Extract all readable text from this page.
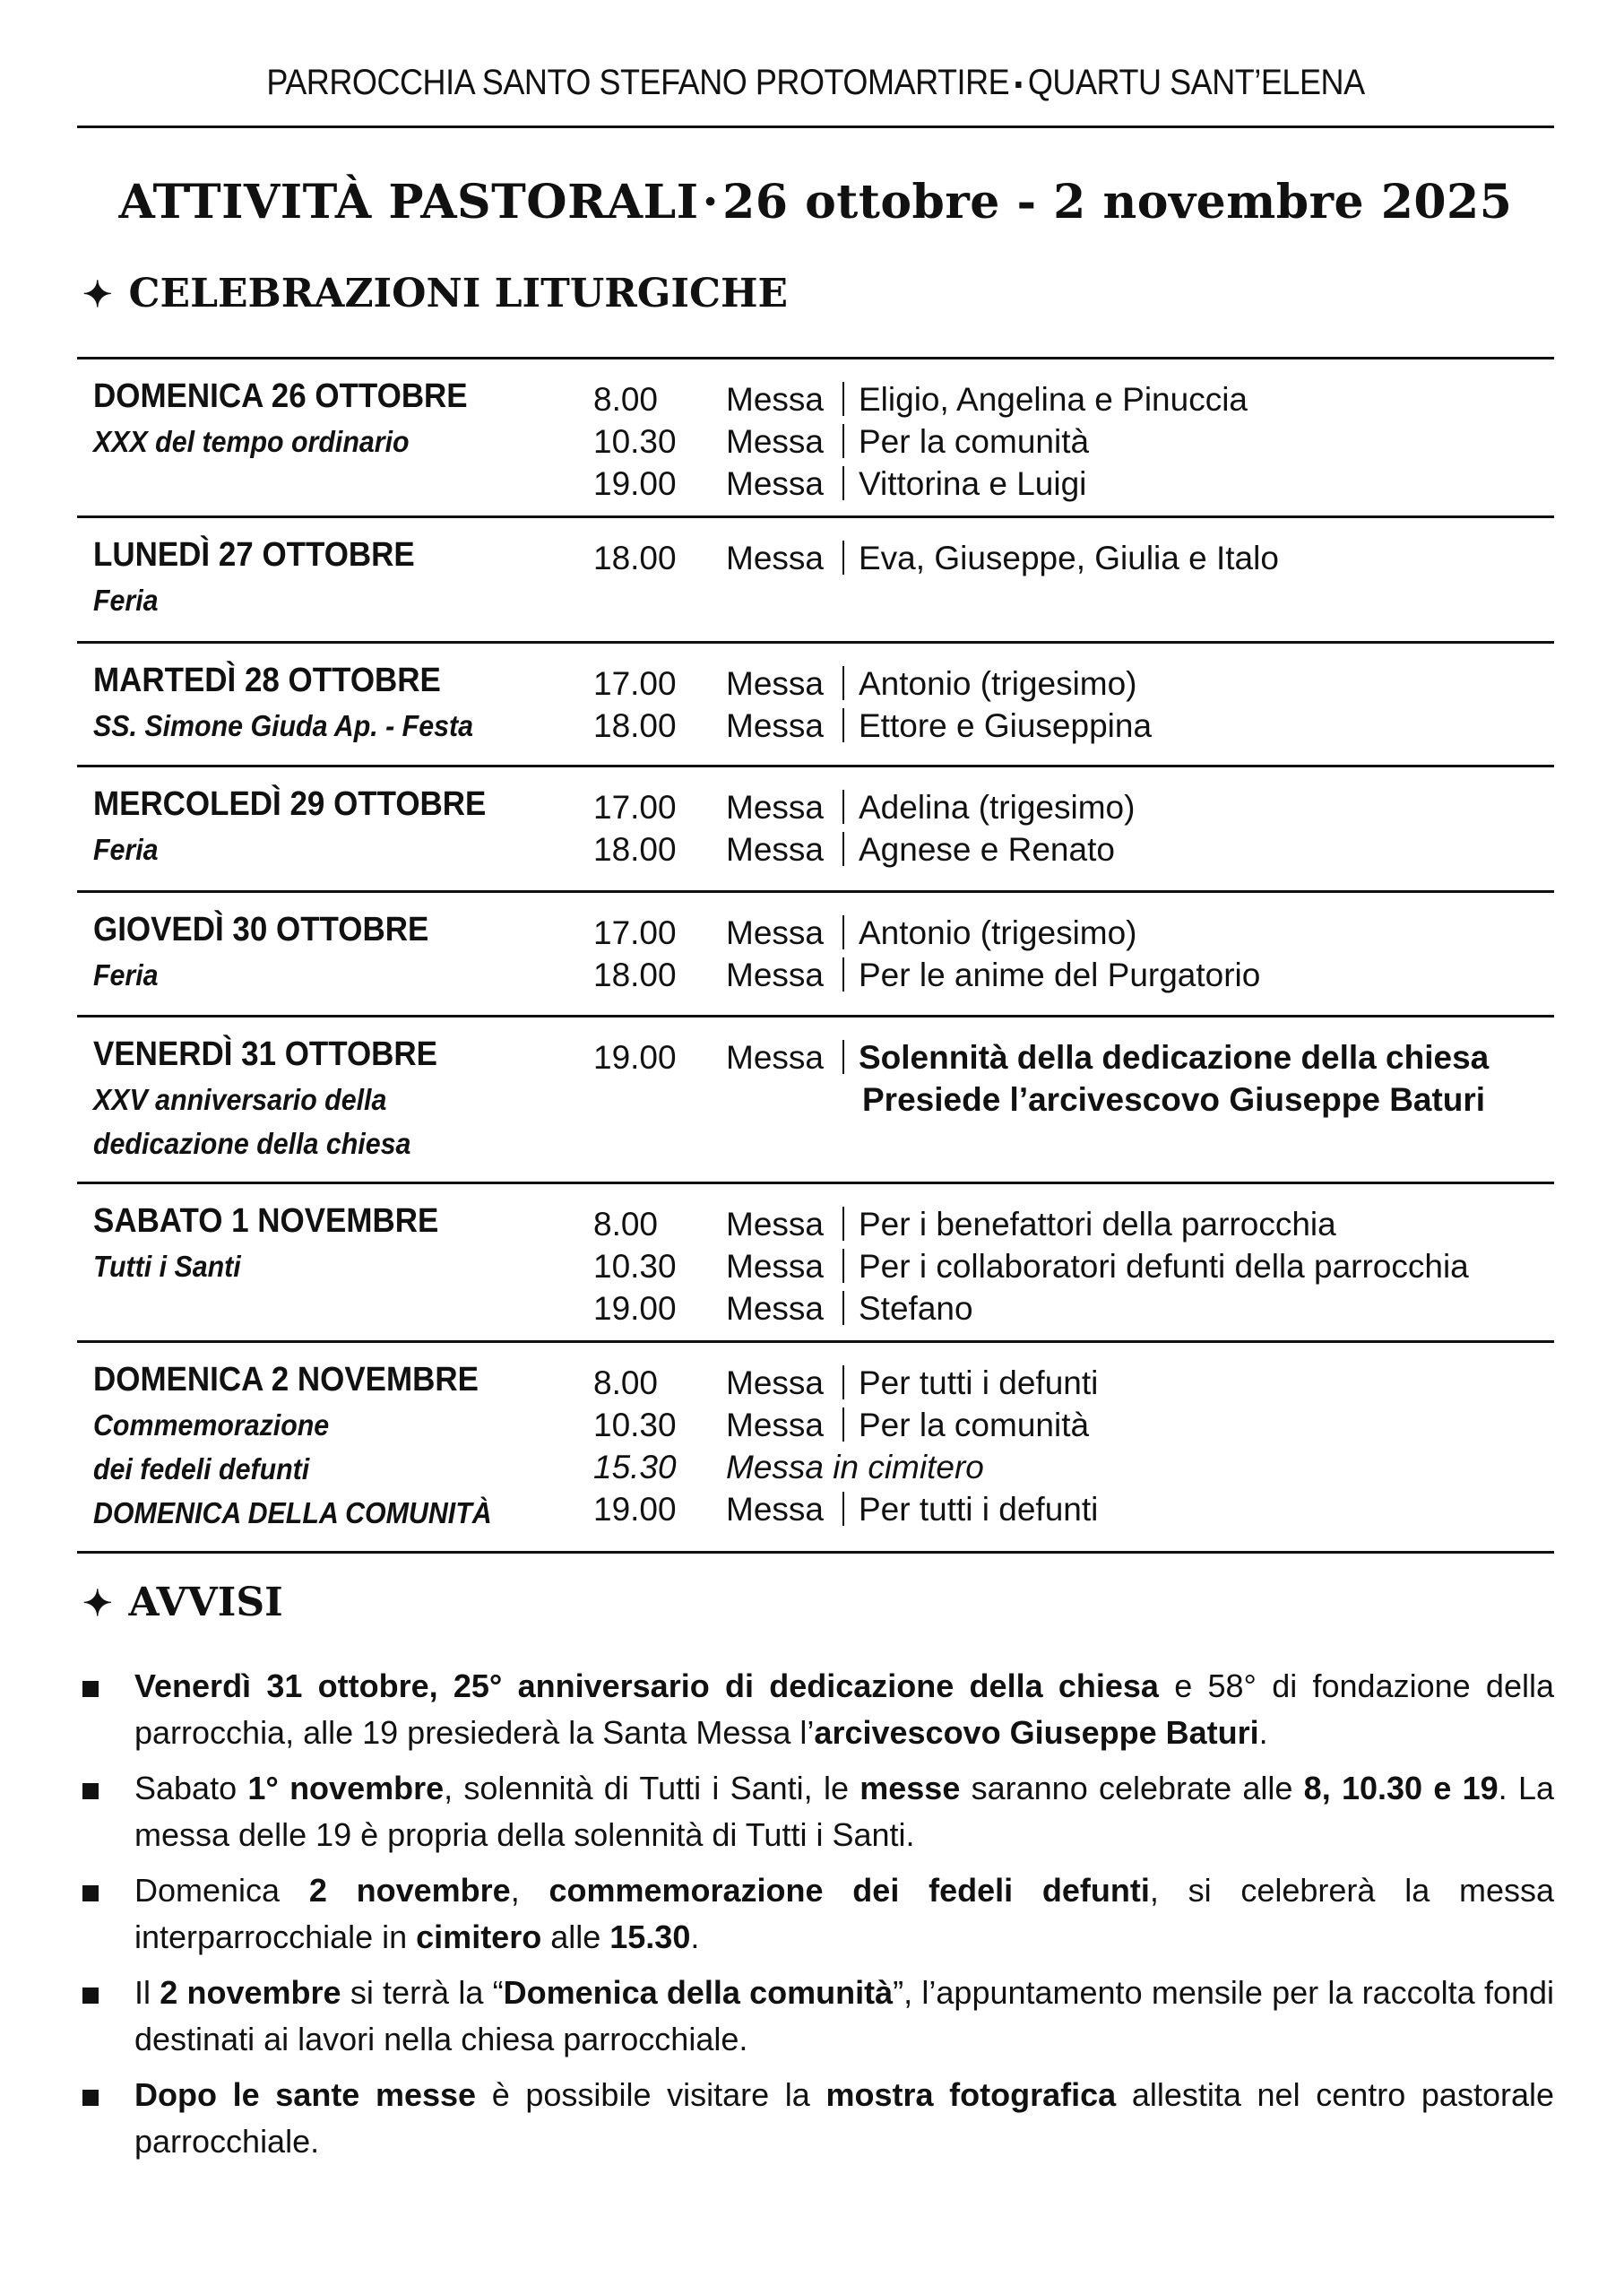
PARROCCHIA SANTO STEFANO PROTOMARTIRE QUARTU SANT’ELENA
ATTIVITÀ PASTORALI·26 ottobre - 2 novembre 2025
✦ CELEBRAZIONI LITURGICHE
DOMENICA 26 OTTOBRE
XXX del tempo ordinario
8.00 Messa Eligio, Angelina e Pinuccia
10.30 Messa Per la comunità
19.00 Messa Vittorina e Luigi
LUNEDÌ 27 OTTOBRE
Feria
18.00 Messa Eva, Giuseppe, Giulia e Italo
MARTEDÌ 28 OTTOBRE
SS. Simone Giuda Ap. - Festa
17.00 Messa Antonio (trigesimo)
18.00 Messa Ettore e Giuseppina
MERCOLEDÌ 29 OTTOBRE
Feria
17.00 Messa Adelina (trigesimo)
18.00 Messa Agnese e Renato
GIOVEDÌ 30 OTTOBRE
Feria
17.00 Messa Antonio (trigesimo)
18.00 Messa Per le anime del Purgatorio
VENERDÌ 31 OTTOBRE
XXV anniversario della
dedicazione della chiesa
19.00 Messa Solennità della dedicazione della chiesa
Presiede l’arcivescovo Giuseppe Baturi
SABATO 1 NOVEMBRE
Tutti i Santi
8.00 Messa Per i benefattori della parrocchia
10.30 Messa Per i collaboratori defunti della parrocchia
19.00 Messa Stefano
DOMENICA 2 NOVEMBRE
Commemorazione
dei fedeli defunti
DOMENICA DELLA COMUNITÀ
8.00 Messa Per tutti i defunti
10.30 Messa Per la comunità
15.30 Messa in cimitero
19.00 Messa Per tutti i defunti
✦ AVVISI
Venerdì 31 ottobre, 25° anniversario di dedicazione della chiesa e 58° di fondazione della parrocchia, alle 19 presiederà la Santa Messa l’arcivescovo Giuseppe Baturi.
Sabato 1° novembre, solennità di Tutti i Santi, le messe saranno celebrate alle 8, 10.30 e 19. La messa delle 19 è propria della solennità di Tutti i Santi.
Domenica 2 novembre, commemorazione dei fedeli defunti, si celebrerà la messa interparrocchiale in cimitero alle 15.30.
Il 2 novembre si terrà la “Domenica della comunità”, l’appuntamento mensile per la raccolta fondi destinati ai lavori nella chiesa parrocchiale.
Dopo le sante messe è possibile visitare la mostra fotografica allestita nel centro pastorale parrocchiale.
